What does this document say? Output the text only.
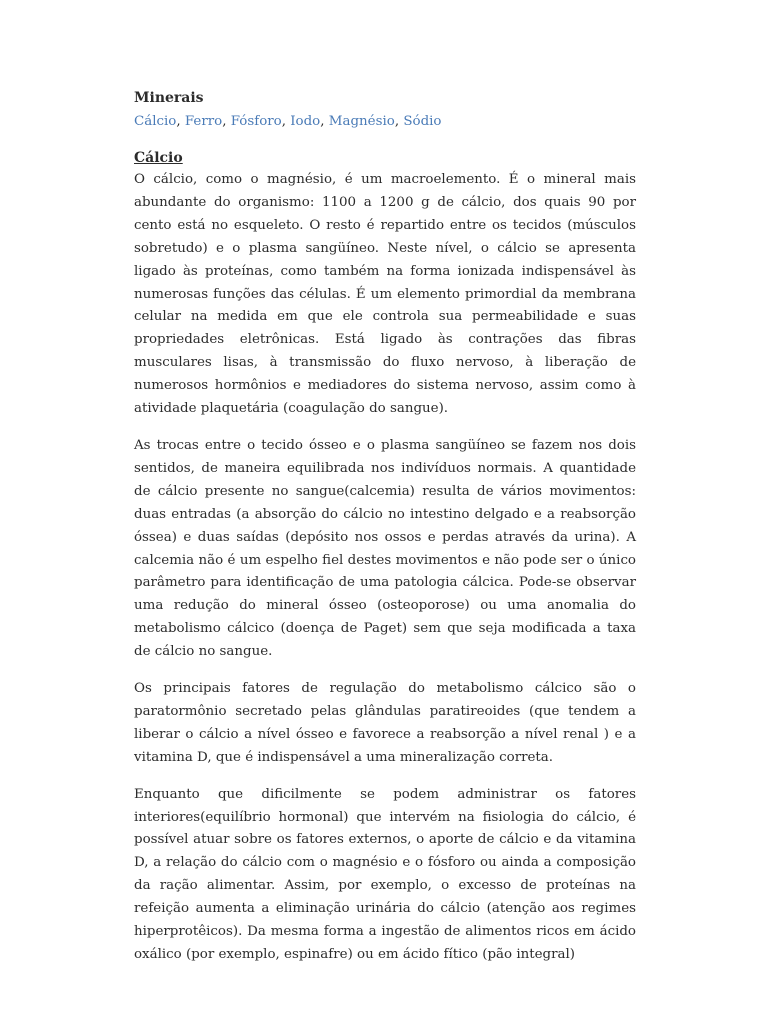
Minerais
Cálcio, Ferro, Fósforo, Iodo, Magnésio, Sódio
Cálcio

O cálcio, como o magnésio, é um macroelemento. É o mineral mais abundante do organismo: 1100 a 1200 g de cálcio, dos quais 90 por cento está no esqueleto. O resto é repartido entre os tecidos (músculos sobretudo) e o plasma sangüíneo. Neste nível, o cálcio se apresenta ligado às proteínas, como também na forma ionizada indispensável às numerosas funções das células. É um elemento primordial da membrana celular na medida em que ele controla sua permeabilidade e suas propriedades eletrônicas. Está ligado às contrações das fibras musculares lisas, à transmissão do fluxo nervoso, à liberação de numerosos hormônios e mediadores do sistema nervoso, assim como à atividade plaquetária (coagulação do sangue).

As trocas entre o tecido ósseo e o plasma sangüíneo se fazem nos dois sentidos, de maneira equilibrada nos indivíduos normais. A quantidade de cálcio presente no sangue(calcemia) resulta de vários movimentos: duas entradas (a absorção do cálcio no intestino delgado e a reabsorção óssea) e duas saídas (depósito nos ossos e perdas através da urina). A calcemia não é um espelho fiel destes movimentos e não pode ser o único parâmetro para identificação de uma patologia cálcica. Pode-se observar uma redução do mineral ósseo (osteoporose) ou uma anomalia do metabolismo cálcico (doença de Paget) sem que seja modificada a taxa de cálcio no sangue.

Os principais fatores de regulação do metabolismo cálcico são o paratormônio secretado pelas glândulas paratireoides (que tendem a liberar o cálcio a nível ósseo e favorece a reabsorção a nível renal ) e a vitamina D, que é indispensável a uma mineralização correta.

Enquanto que dificilmente se podem administrar os fatores interiores(equilíbrio hormonal) que intervém na fisiologia do cálcio, é possível atuar sobre os fatores externos, o aporte de cálcio e da vitamina D, a relação do cálcio com o magnésio e o fósforo ou ainda a composição da ração alimentar. Assim, por exemplo, o excesso de proteínas na refeição aumenta a eliminação urinária do cálcio (atenção aos regimes hiperprotêicos). Da mesma forma a ingestão de alimentos ricos em ácido oxálico (por exemplo, espinafre) ou em ácido fítico (pão integral)
